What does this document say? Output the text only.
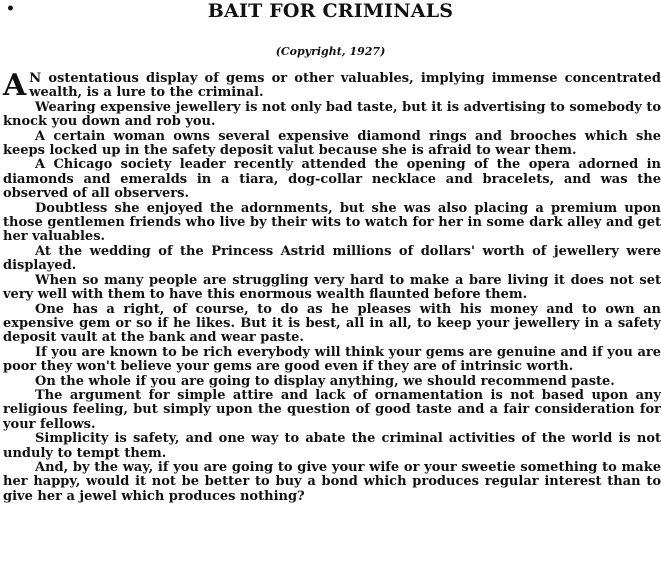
•	BAIT FOR CRIMINALS
(Copyright, 1927)

A N ostentatious display of gems or other valuables, implying immense concentrated wealth, is a lure to the criminal.

Wearing expensive jewellery is not only bad taste, but it is advertising to somebody to knock you down and rob you.

A certain woman owns several expensive diamond rings and brooches which she keeps locked up in the safety deposit valut because she is afraid to wear them.

A Chicago society leader recently attended the opening of the opera adorned in diamonds and emeralds in a tiara, dog-collar necklace and bracelets, and was the observed of all observers.

Doubtless she enjoyed the adornments, but she was also placing a premium upon those gentlemen friends who live by their wits to watch for her in some dark alley and get her valuables.

At the wedding of the Princess Astrid millions of dollars' worth of jewellery were displayed.

When so many people are struggling very hard to make a bare living it does not set very well with them to have this enormous wealth flaunted before them.

One has a right, of course, to do as he pleases with his money and to own an expensive gem or so if he likes. But it is best, all in all, to keep your jewellery in a safety deposit vault at the bank and wear paste.

If you are known to be rich everybody will think your gems are genuine and if you are poor they won't believe your gems are good even if they are of intrinsic worth.

On the whole if you are going to display anything, we should recommend paste.

The argument for simple attire and lack of ornamentation is not based upon any religious feeling, but simply upon the question of good taste and a fair consideration for your fellows.

Simplicity is safety, and one way to abate the criminal activities of the world is not unduly to tempt them.

And, by the way, if you are going to give your wife or your sweetie something to make her happy, would it not be better to buy a bond which produces regular interest than to give her a jewel which produces nothing?
